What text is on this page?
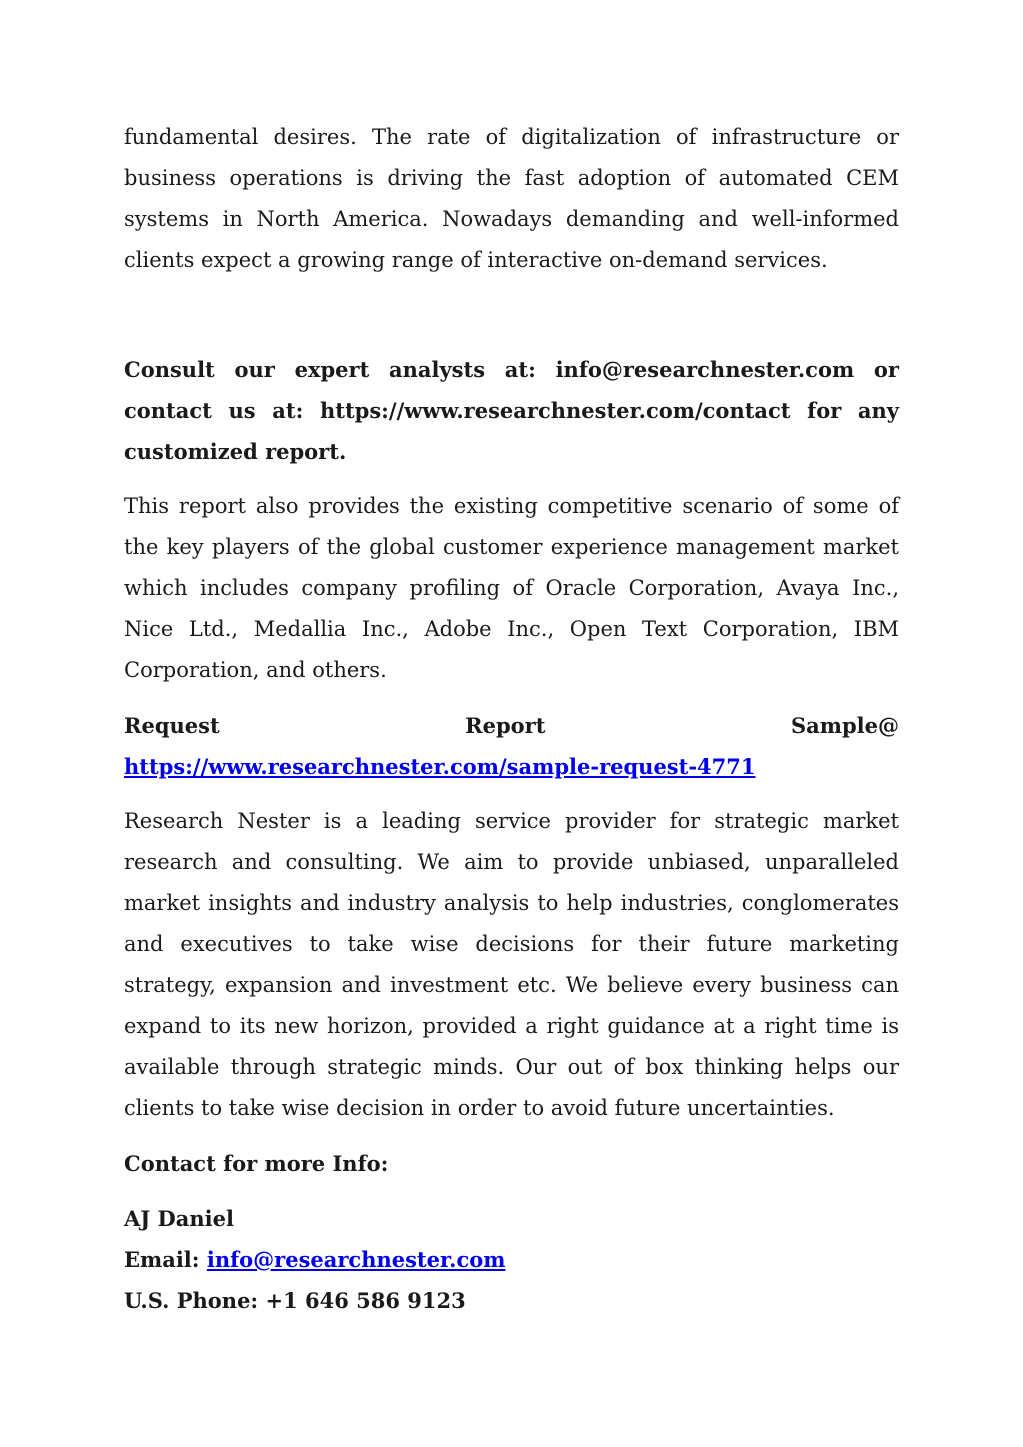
fundamental desires. The rate of digitalization of infrastructure or business operations is driving the fast adoption of automated CEM systems in North America. Nowadays demanding and well-informed clients expect a growing range of interactive on-demand services.

Consult our expert analysts at: info@researchnester.com or contact us at: https://www.researchnester.com/contact for any customized report.

This report also provides the existing competitive scenario of some of the key players of the global customer experience management market which includes company profiling of Oracle Corporation, Avaya Inc., Nice Ltd., Medallia Inc., Adobe Inc., Open Text Corporation, IBM Corporation, and others.

Request	Report	Sample@
https://www.researchnester.com/sample-request-4771

Research Nester is a leading service provider for strategic market research and consulting. We aim to provide unbiased, unparalleled market insights and industry analysis to help industries, conglomerates and executives to take wise decisions for their future marketing strategy, expansion and investment etc. We believe every business can expand to its new horizon, provided a right guidance at a right time is available through strategic minds. Our out of box thinking helps our clients to take wise decision in order to avoid future uncertainties.

Contact for more Info:

AJ Daniel

Email: info@researchnester.com

U.S. Phone: +1 646 586 9123
